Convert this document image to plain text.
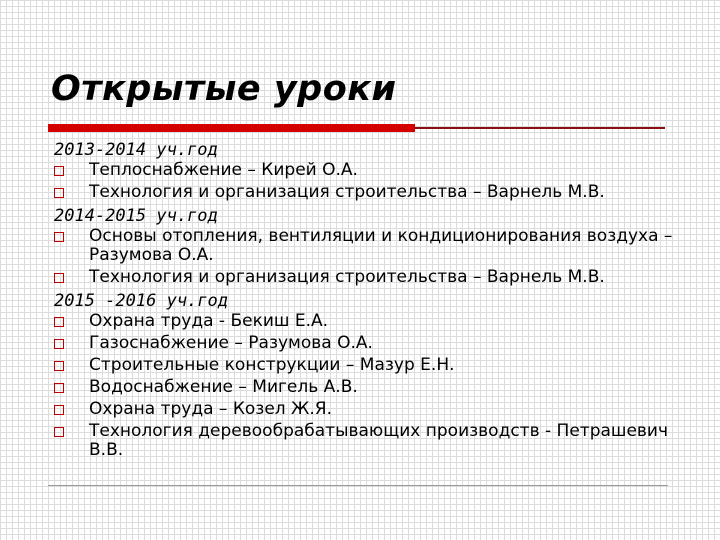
Открытые уроки
2013-2014 уч.год
Теплоснабжение – Кирей О.А.
Технология и организация строительства – Варнель М.В.
2014-2015 уч.год
Основы отопления, вентиляции и кондиционирования воздуха – Разумова О.А.
Технология и организация строительства – Варнель М.В.
2015 -2016 уч.год
Охрана труда - Бекиш Е.А.
Газоснабжение – Разумова О.А.
Строительные конструкции – Мазур Е.Н.
Водоснабжение – Мигель А.В.
Охрана труда – Козел Ж.Я.
Технология деревообрабатывающих производств - Петрашевич В.В.
